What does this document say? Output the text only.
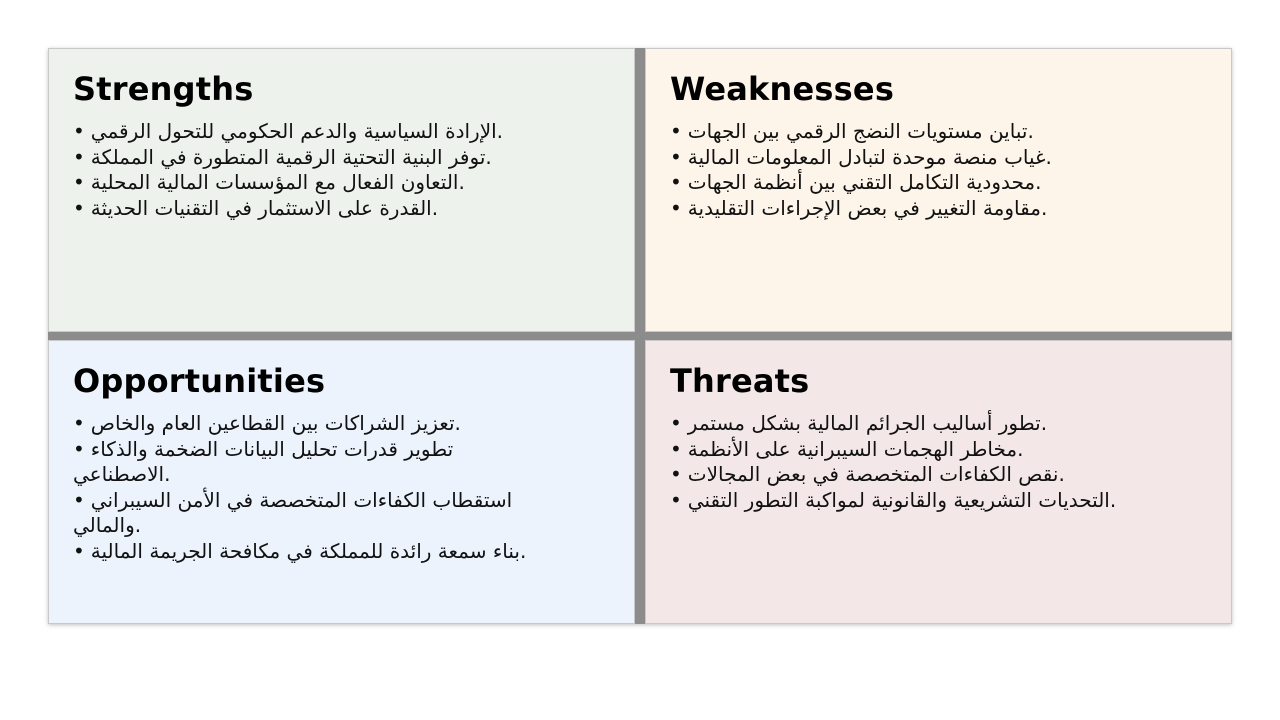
Strengths
• الإرادة السياسية والدعم الحكومي للتحول الرقمي.
• توفر البنية التحتية الرقمية المتطورة في المملكة.
• التعاون الفعال مع المؤسسات المالية المحلية.
• القدرة على الاستثمار في التقنيات الحديثة.
Weaknesses
• تباين مستويات النضج الرقمي بين الجهات.
• غياب منصة موحدة لتبادل المعلومات المالية.
• محدودية التكامل التقني بين أنظمة الجهات.
• مقاومة التغيير في بعض الإجراءات التقليدية.
Opportunities
• تعزيز الشراكات بين القطاعين العام والخاص.
• تطوير قدرات تحليل البيانات الضخمة والذكاء الاصطناعي.
• استقطاب الكفاءات المتخصصة في الأمن السيبراني والمالي.
• بناء سمعة رائدة للمملكة في مكافحة الجريمة المالية.
Threats
• تطور أساليب الجرائم المالية بشكل مستمر.
• مخاطر الهجمات السيبرانية على الأنظمة.
• نقص الكفاءات المتخصصة في بعض المجالات.
• التحديات التشريعية والقانونية لمواكبة التطور التقني.
